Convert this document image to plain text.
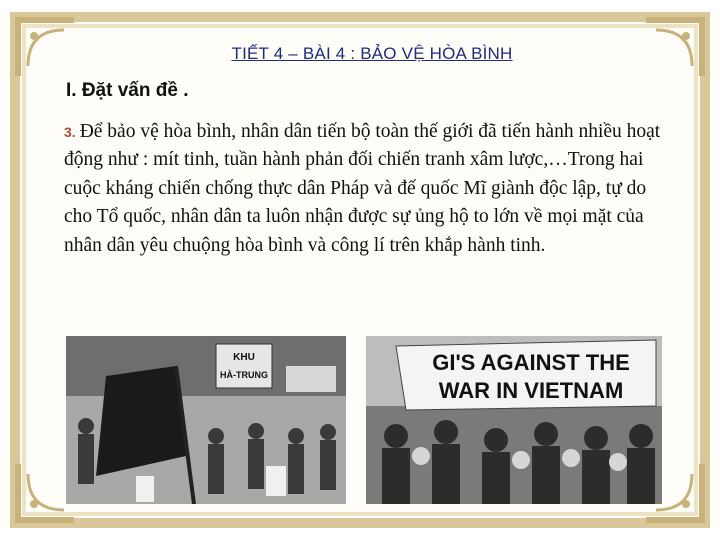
TIẾT 4 – BÀI 4 : BẢO VỆ HÒA BÌNH
I. Đặt vấn đề .
3. Để bảo vệ hòa bình, nhân dân tiến bộ toàn thế giới đã tiến hành nhiều hoạt động như : mít tinh, tuần hành phản đối chiến tranh xâm lược,…Trong hai cuộc kháng chiến chống thực dân Pháp và đế quốc Mĩ giành độc lập, tự do cho Tổ quốc, nhân dân ta luôn nhận được sự ủng hộ to lớn về mọi mặt của nhân dân yêu chuộng hòa bình và công lí trên khắp hành tinh.
KHU
HÀ-TRUNG	GI'S AGAINST THE
WAR IN VIETNAM
